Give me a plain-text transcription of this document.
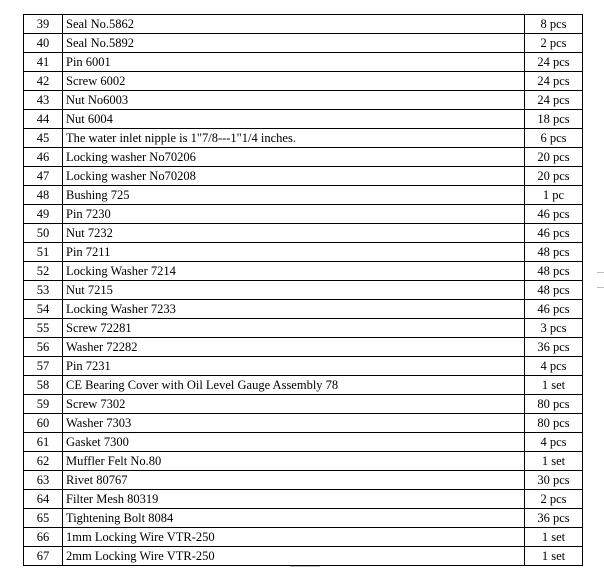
39	Seal No.5862	8 pcs
40	Seal No.5892	2 pcs
41	Pin 6001	24 pcs
42	Screw 6002	24 pcs
43	Nut No6003	24 pcs
44	Nut 6004	18 pcs
45	The water inlet nipple is 1"7/8---1"1/4 inches.	6 pcs
46	Locking washer No70206	20 pcs
47	Locking washer No70208	20 pcs
48	Bushing 725	1 pc
49	Pin 7230	46 pcs
50	Nut 7232	46 pcs
51	Pin 7211	48 pcs
52	Locking Washer 7214	48 pcs
53	Nut 7215	48 pcs
54	Locking Washer 7233	46 pcs
55	Screw 72281	3 pcs
56	Washer 72282	36 pcs
57	Pin 7231	4 pcs
58	CE Bearing Cover with Oil Level Gauge Assembly 78	1 set
59	Screw 7302	80 pcs
60	Washer 7303	80 pcs
61	Gasket 7300	4 pcs
62	Muffler Felt No.80	1 set
63	Rivet 80767	30 pcs
64	Filter Mesh 80319	2 pcs
65	Tightening Bolt 8084	36 pcs
66	1mm Locking Wire VTR-250	1 set
67	2mm Locking Wire VTR-250	1 set
